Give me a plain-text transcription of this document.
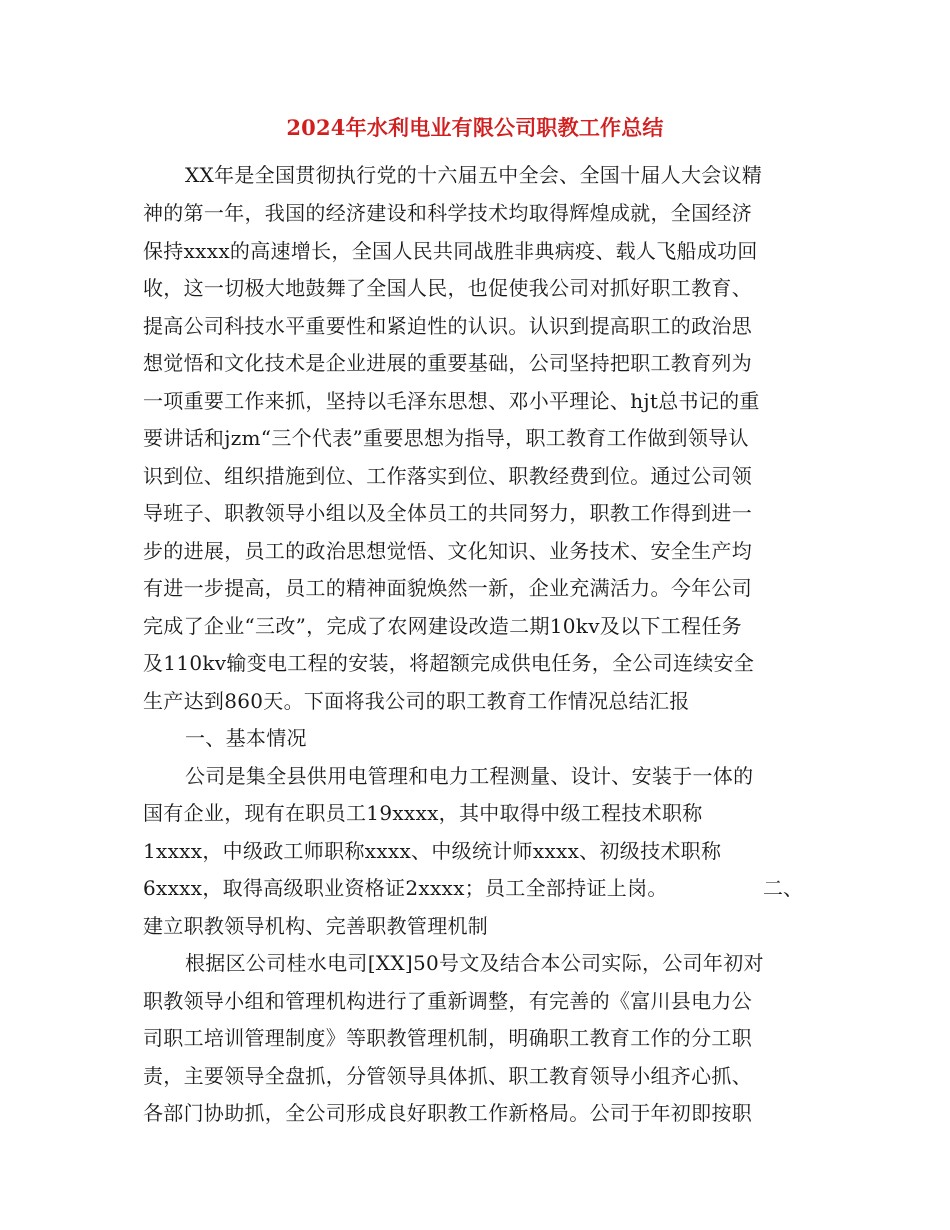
2024年水利电业有限公司职教工作总结
XX年是全国贯彻执行党的十六届五中全会、全国十届人大会议精
神的第一年，我国的经济建设和科学技术均取得辉煌成就，全国经济
保持xxxx的高速增长，全国人民共同战胜非典病疫、载人飞船成功回
收，这一切极大地鼓舞了全国人民，也促使我公司对抓好职工教育、
提高公司科技水平重要性和紧迫性的认识。认识到提高职工的政治思
想觉悟和文化技术是企业进展的重要基础，公司坚持把职工教育列为
一项重要工作来抓，坚持以毛泽东思想、邓小平理论、hjt总书记的重
要讲话和jzm“三个代表”重要思想为指导，职工教育工作做到领导认
识到位、组织措施到位、工作落实到位、职教经费到位。通过公司领
导班子、职教领导小组以及全体员工的共同努力，职教工作得到进一
步的进展，员工的政治思想觉悟、文化知识、业务技术、安全生产均
有进一步提高，员工的精神面貌焕然一新，企业充满活力。今年公司
完成了企业“三改”，完成了农网建设改造二期10kv及以下工程任务
及110kv输变电工程的安装，将超额完成供电任务，全公司连续安全
生产达到860天。下面将我公司的职工教育工作情况总结汇报
一、基本情况
公司是集全县供用电管理和电力工程测量、设计、安装于一体的
国有企业，现有在职员工19xxxx，其中取得中级工程技术职称
1xxxx，中级政工师职称xxxx、中级统计师xxxx、初级技术职称
6xxxx，取得高级职业资格证2xxxx；员工全部持证上岗。	二、
建立职教领导机构、完善职教管理机制
根据区公司桂水电司[XX]50号文及结合本公司实际，公司年初对
职教领导小组和管理机构进行了重新调整，有完善的《富川县电力公
司职工培训管理制度》等职教管理机制，明确职工教育工作的分工职
责，主要领导全盘抓，分管领导具体抓、职工教育领导小组齐心抓、
各部门协助抓，全公司形成良好职教工作新格局。公司于年初即按职
